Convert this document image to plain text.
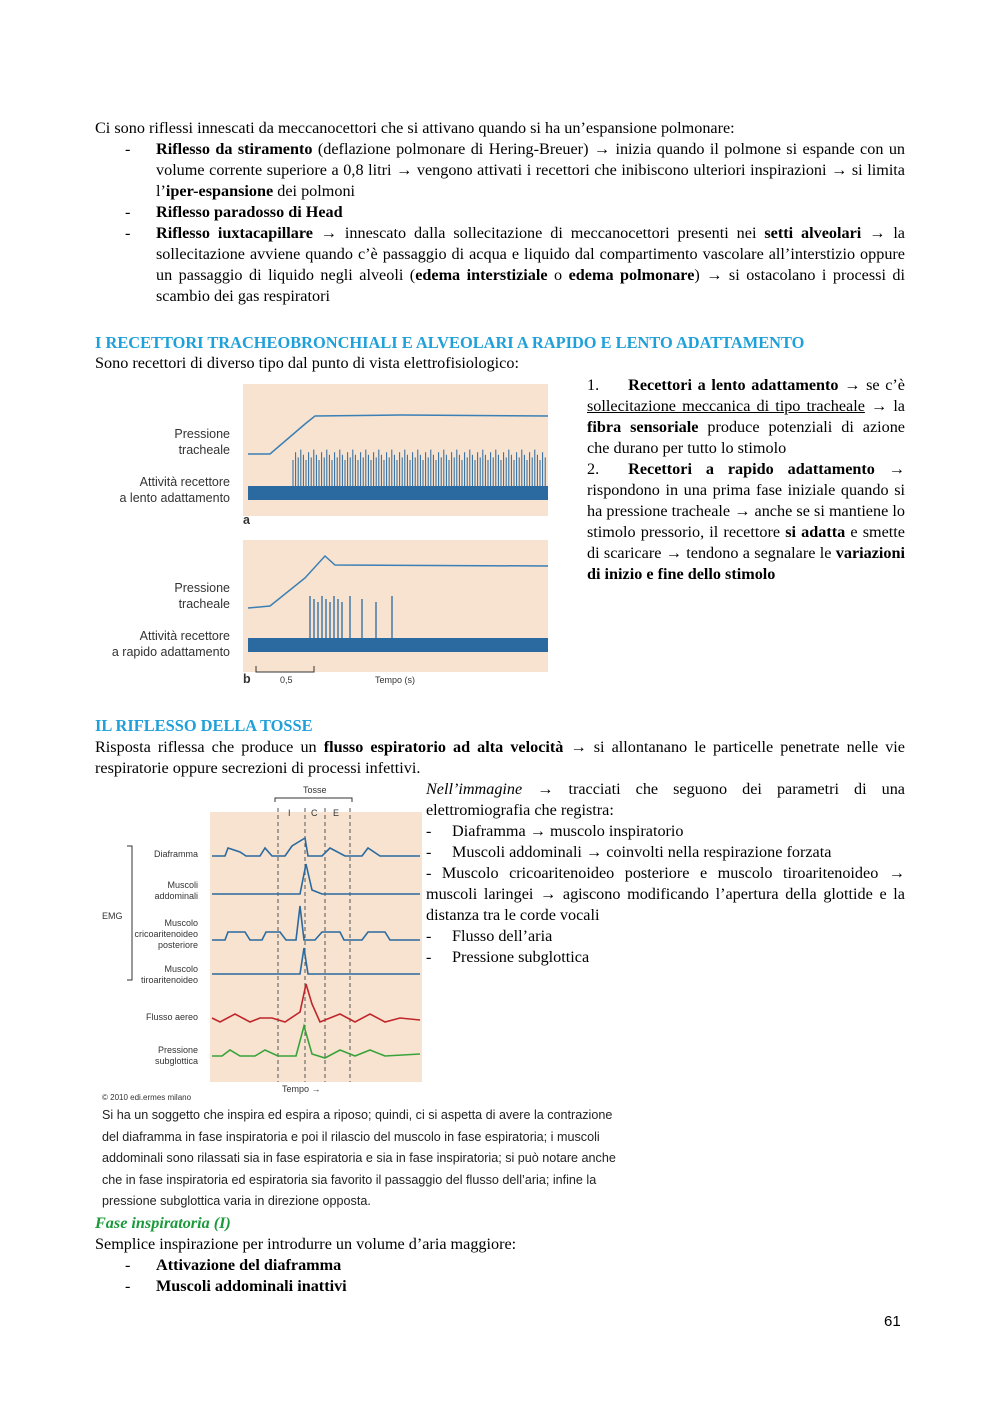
Ci sono riflessi innescati da meccanocettori che si attivano quando si ha un’espansione polmonare:

- Riflesso da stiramento (deflazione polmonare di Hering-Breuer) → inizia quando il polmone si espande con un volume corrente superiore a 0,8 litri → vengono attivati i recettori che inibiscono ulteriori inspirazioni → si limita l’iper-espansione dei polmoni
- Riflesso paradosso di Head
- Riflesso iuxtacapillare → innescato dalla sollecitazione di meccanocettori presenti nei setti alveolari → la sollecitazione avviene quando c’è passaggio di acqua e liquido dal compartimento vascolare all’interstizio oppure un passaggio di liquido negli alveoli (edema interstiziale o edema polmonare) → si ostacolano i processi di scambio dei gas respiratori

I RECETTORI TRACHEOBRONCHIALI E ALVEOLARI A RAPIDO E LENTO ADATTAMENTO

Sono recettori di diverso tipo dal punto di vista elettrofisiologico:

Pressione
tracheale
Attività recettore
a lento adattamento
a
Pressione
tracheale
Attività recettore
a rapido adattamento
b	0,5	Tempo (s)

1. Recettori a lento adattamento → se c’è sollecitazione meccanica di tipo tracheale → la fibra sensoriale produce potenziali di azione che durano per tutto lo stimolo

2. Recettori a rapido adattamento → rispondono in una prima fase iniziale quando si ha pressione tracheale → anche se si mantiene lo stimolo pressorio, il recettore si adatta e smette di scaricare → tendono a segnalare le variazioni di inizio e fine dello stimolo

IL RIFLESSO DELLA TOSSE

Risposta riflessa che produce un flusso espiratorio ad alta velocità → si allontanano le particelle penetrate nelle vie respiratorie oppure secrezioni di processi infettivi.

Tosse
I C E
EMG
Diaframma
Muscoli
addominali
Muscolo
cricoaritenoideo
posteriore
Muscolo
tiroaritenoideo
Flusso aereo
Pressione
subglottica
Tempo →
© 2010 edi.ermes milano

Nell’immagine → tracciati che seguono dei parametri di una elettromiografia che registra:

- Diaframma → muscolo inspiratorio
- Muscoli addominali → coinvolti nella respirazione forzata
- Muscolo cricoaritenoideo posteriore e muscolo tiroaritenoideo → muscoli laringei → agiscono modificando l’apertura della glottide e la distanza tra le corde vocali
- Flusso dell’aria
- Pressione subglottica
Si ha un soggetto che inspira ed espira a riposo; quindi, ci si aspetta di avere la contrazione
del diaframma in fase inspiratoria e poi il rilascio del muscolo in fase espiratoria; i muscoli
addominali sono rilassati sia in fase espiratoria e sia in fase inspiratoria; si può notare anche
che in fase inspiratoria ed espiratoria sia favorito il passaggio del flusso dell’aria; infine la
pressione subglottica varia in direzione opposta.

Fase inspiratoria (I)

Semplice inspirazione per introdurre un volume d’aria maggiore:

- Attivazione del diaframma
- Muscoli addominali inattivi
61
